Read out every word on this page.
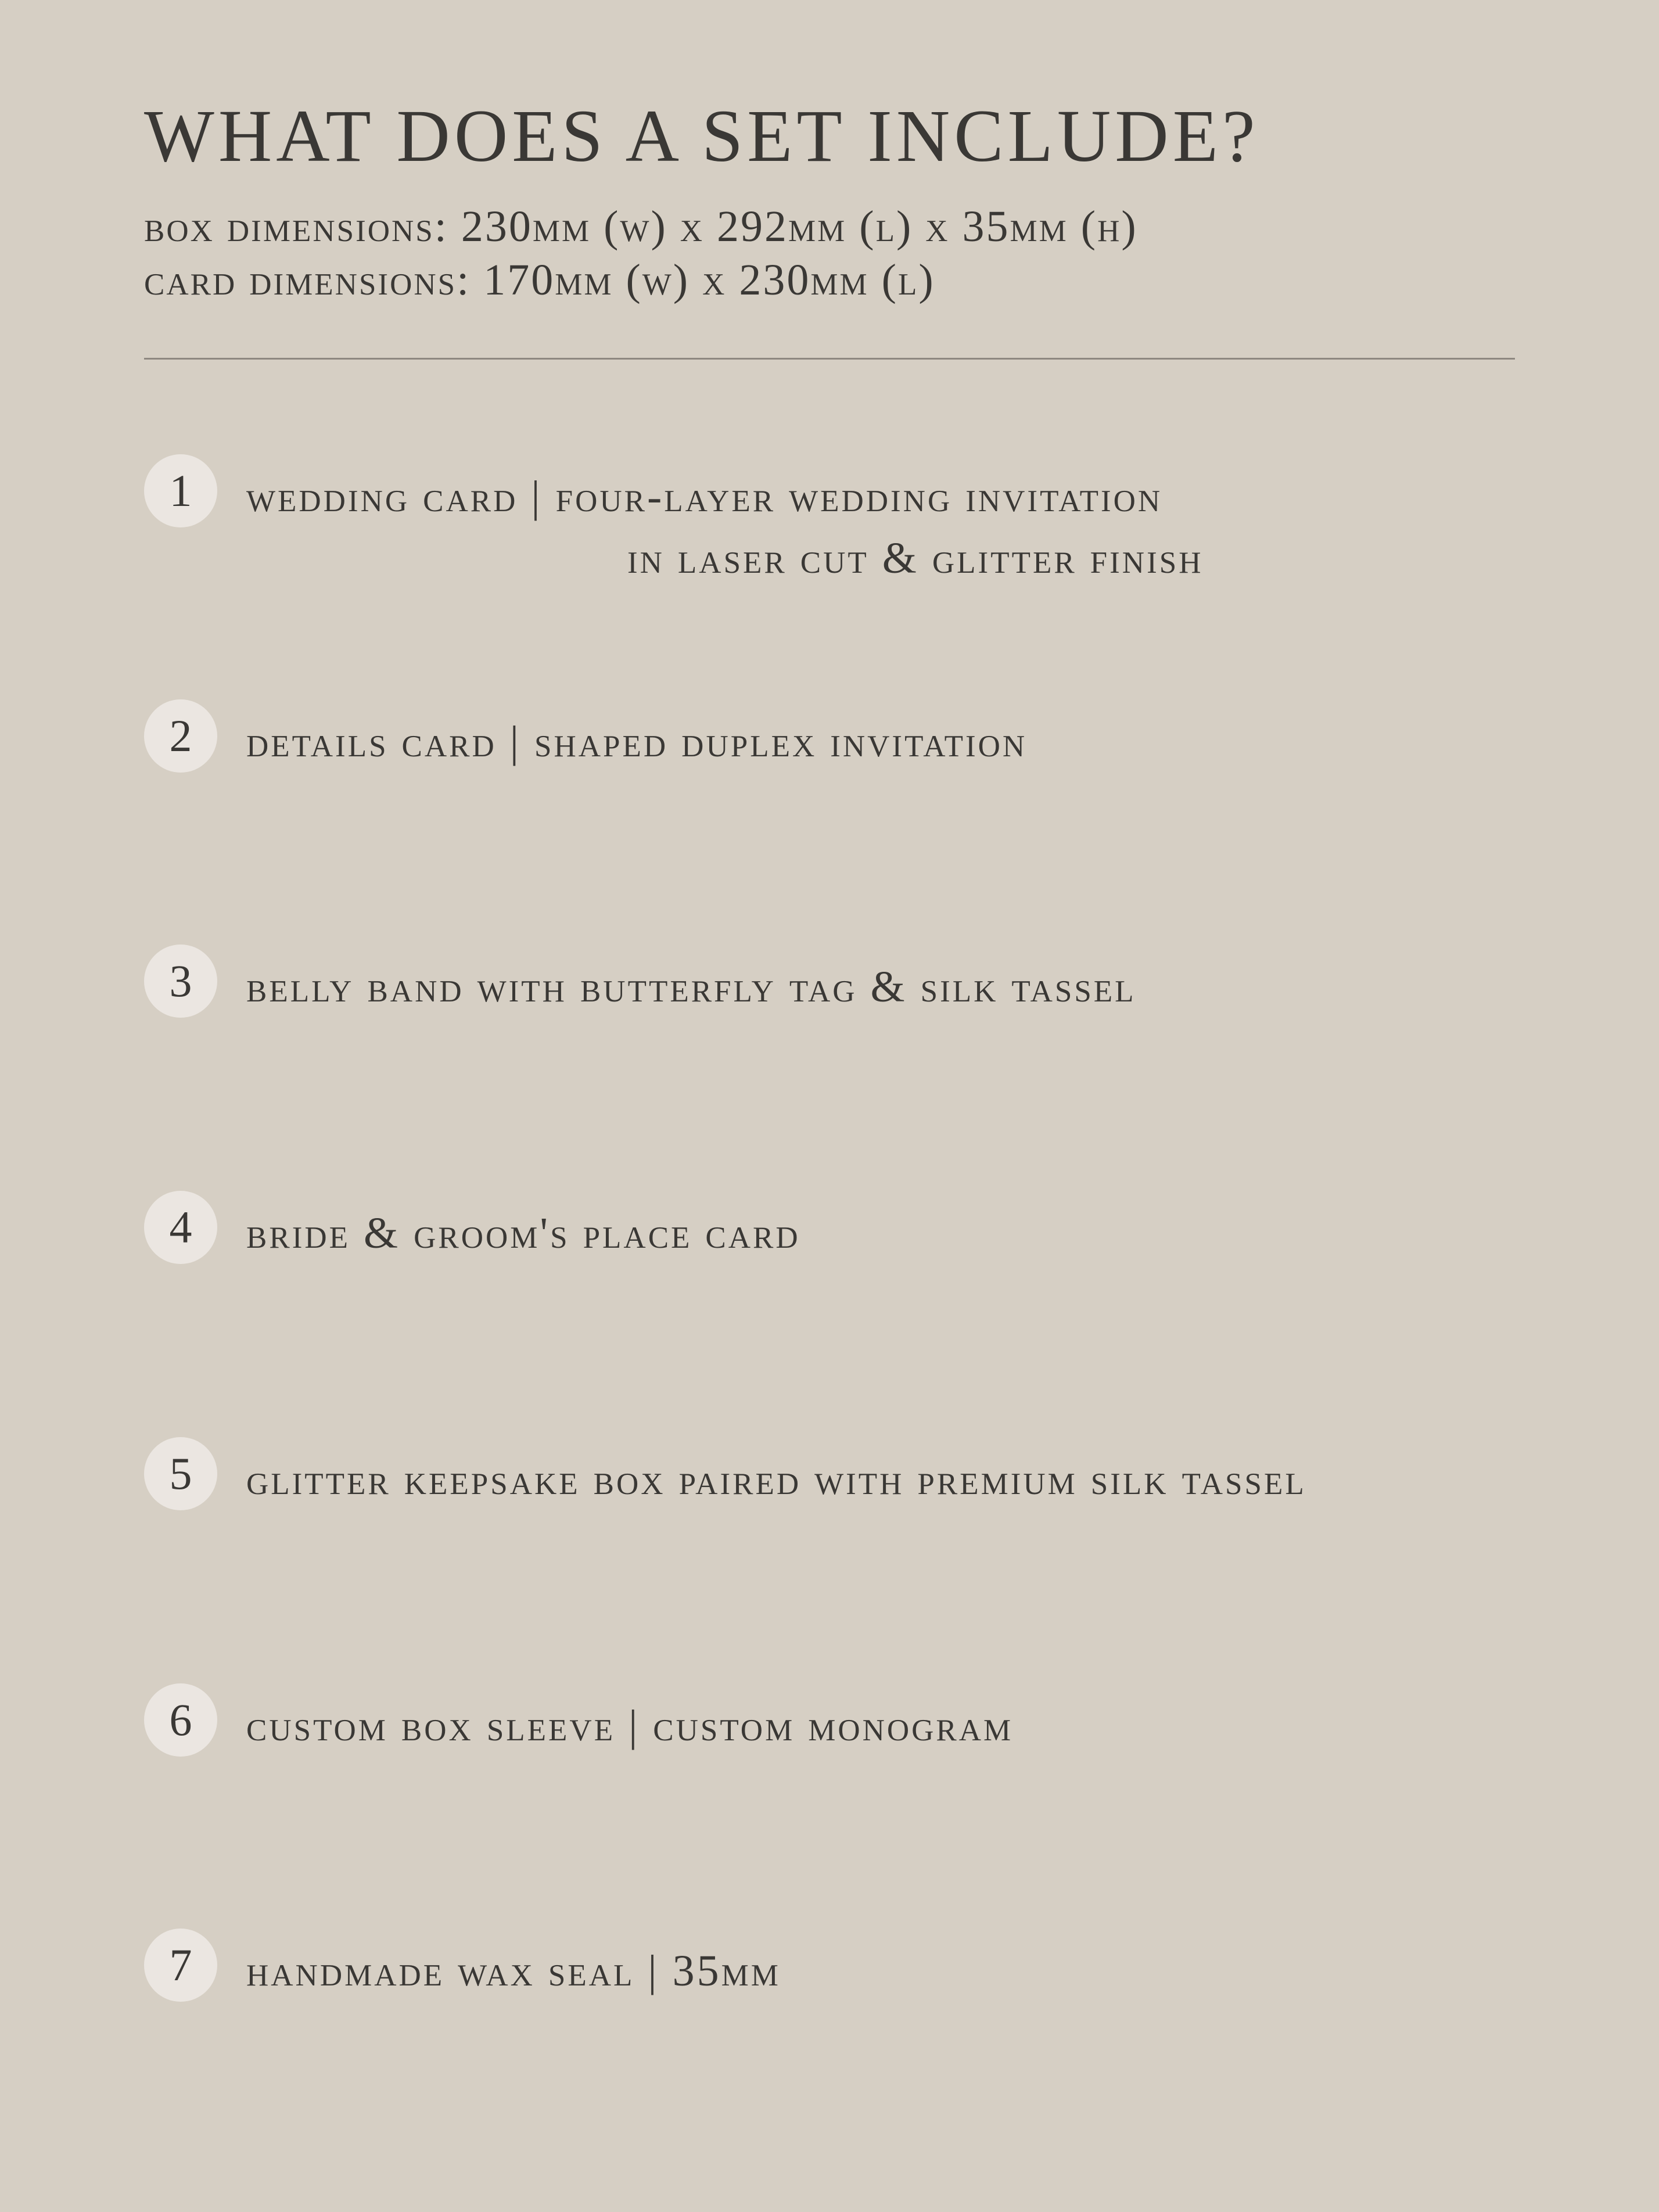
WHAT DOES A SET INCLUDE?

box dimensions: 230mm (w) x 292mm (l) x 35mm (h)

card dimensions: 170mm (w) x 230mm (l)

1	wedding card | four-layer wedding invitation
in laser cut & glitter finish
2	details card | shaped duplex invitation
3	belly band with butterfly tag & silk tassel
4	bride & groom's place card
5	glitter keepsake box paired with premium silk tassel
6	custom box sleeve | custom monogram
7	handmade wax seal | 35mm
